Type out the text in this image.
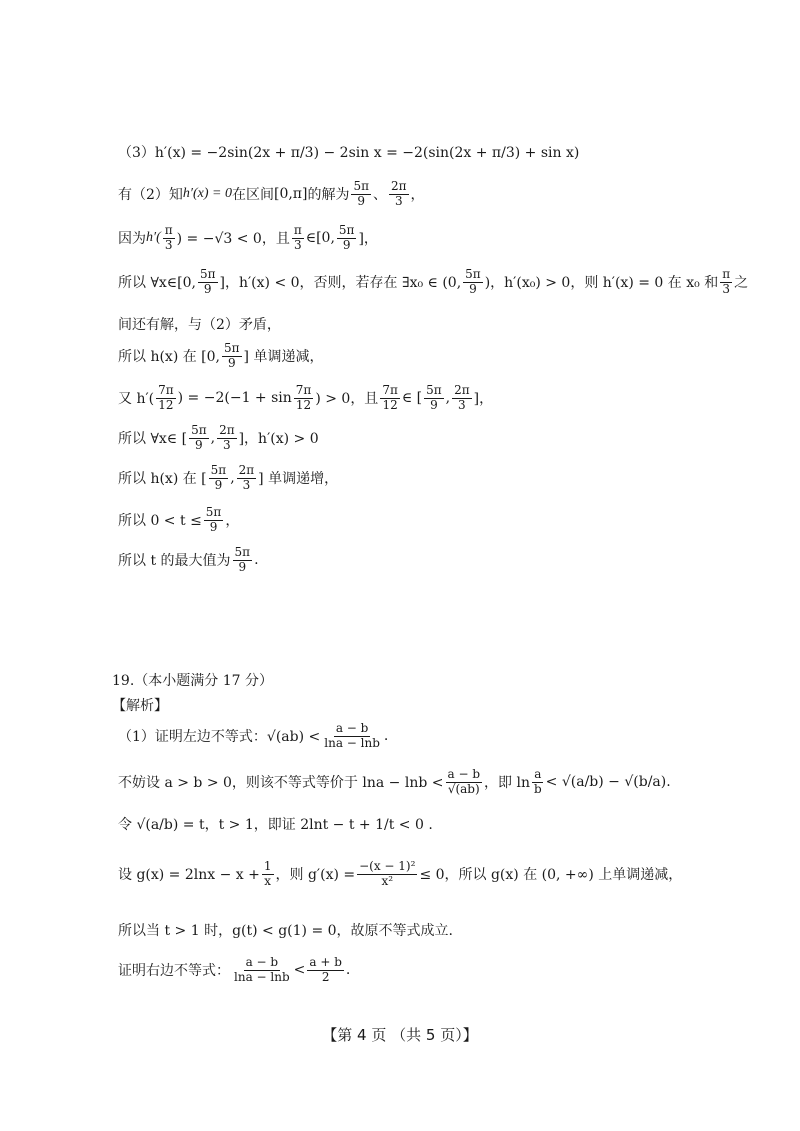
（3）h′(x) = −2sin(2x + π/3) − 2sin x = −2(sin(2x + π/3) + sin x)
有（2）知 h′(x) = 0 在区间 [0,π] 的解为 $\frac{5\pi}{9}$ 、 $\frac{2\pi}{3}$ ，
因为 $h'( \frac{\pi}{3}$ ) = −√3 < 0，且 $\frac{\pi}{3}$ ∈[0, $\frac{5\pi}{9}$ ]，
所以 ∀x∈[0, $\frac{5\pi}{9}$ ]，h′(x) < 0，否则，若存在 ∃x₀ ∈ (0, $\frac{5\pi}{9}$ )，h′(x₀) > 0，则 h′(x) = 0 在 x₀ 和 $\frac{\pi}{3}$ 之
间还有解，与（2）矛盾，
所以 h(x) 在 [0, $\frac{5\pi}{9}$ ] 单调递减，
又 $h'( \frac{7\pi}{12}$ ) = $-2(-1 + \sin \frac{7\pi}{12}$ ) > 0，且 $\frac{7\pi}{12}$ ∈ [ $\frac{5\pi}{9}$ , $\frac{2\pi}{3}$ ]，
所以 ∀x∈ [ $\frac{5\pi}{9}$ , $\frac{2\pi}{3}$ ]，h′(x) > 0
所以 h(x) 在 [ $\frac{5\pi}{9}$ , $\frac{2\pi}{3}$ ] 单调递增，
所以 $0 < t \le \frac{5\pi}{9}$ ，
所以 t 的最大值为 $\frac{5\pi}{9}$ .
19.（本小题满分 17 分）
【解析】
（1）证明左边不等式：$√(ab) < \frac{a - b}{\ln a - \ln b}$ .
不妨设 a > b > 0，则该不等式等价于 $\ln a - \ln b < \frac{a - b}{√(ab)}$ ，即 $\ln \frac{a}{b} < √(a/b) - √(b/a)$.
令 √(a/b) = t，t > 1，即证 2lnt − t + 1/t < 0 .
设 $g(x) = 2\ln x - x + \frac{1}{x}$ ，则 $g'(x) = \frac{\text{−(x − 1)²}}{\text{x²}} \le 0$，所以 g(x) 在 (0, +∞) 上单调递减，
所以当 t > 1 时，g(t) < g(1) = 0，故原不等式成立.
证明右边不等式： $\frac{a - b}{\ln a - \ln b} < \frac{a + b}{2}$ .
【第 4 页 （共 5 页）】
